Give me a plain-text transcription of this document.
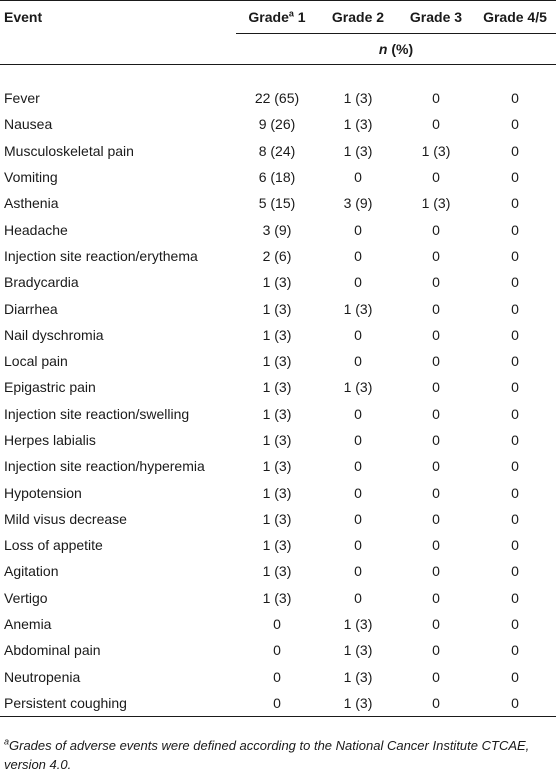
Event	Grade$^a$ 1	Grade 2	Grade 3	Grade 4/5
	n (%)			

Fever	22 (65)	1 (3)	0	0
Nausea	9 (26)	1 (3)	0	0
Musculoskeletal pain	8 (24)	1 (3)	1 (3)	0
Vomiting	6 (18)	0	0	0
Asthenia	5 (15)	3 (9)	1 (3)	0
Headache	3 (9)	0	0	0
Injection site reaction/erythema	2 (6)	0	0	0
Bradycardia	1 (3)	0	0	0
Diarrhea	1 (3)	1 (3)	0	0
Nail dyschromia	1 (3)	0	0	0
Local pain	1 (3)	0	0	0
Epigastric pain	1 (3)	1 (3)	0	0
Injection site reaction/swelling	1 (3)	0	0	0
Herpes labialis	1 (3)	0	0	0
Injection site reaction/hyperemia	1 (3)	0	0	0
Hypotension	1 (3)	0	0	0
Mild visus decrease	1 (3)	0	0	0
Loss of appetite	1 (3)	0	0	0
Agitation	1 (3)	0	0	0
Vertigo	1 (3)	0	0	0
Anemia	0	1 (3)	0	0
Abdominal pain	0	1 (3)	0	0
Neutropenia	0	1 (3)	0	0
Persistent coughing	0	1 (3)	0	0
$^a$Grades of adverse events were defined according to the National Cancer Institute CTCAE, version 4.0.
